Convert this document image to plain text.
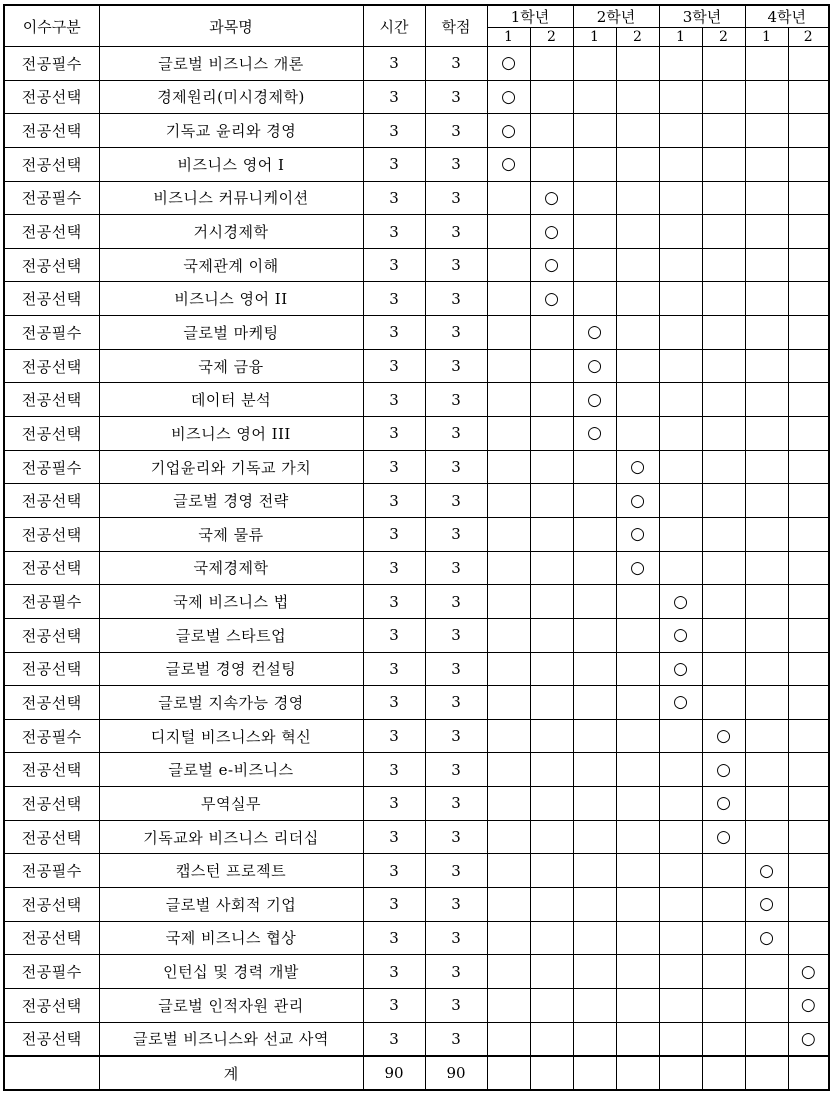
이수구분	과목명	시간	학점	1학년		2학년		3학년		4학년	
				1	2	1	2	1	2	1	2
전공필수	글로벌 비즈니스 개론	3	3	○							
전공선택	경제원리(미시경제학)	3	3	○							
전공선택	기독교 윤리와 경영	3	3	○							
전공선택	비즈니스 영어 I	3	3	○							
전공필수	비즈니스 커뮤니케이션	3	3		○						
전공선택	거시경제학	3	3		○						
전공선택	국제관계 이해	3	3		○						
전공선택	비즈니스 영어 II	3	3		○						
전공필수	글로벌 마케팅	3	3			○					
전공선택	국제 금융	3	3			○					
전공선택	데이터 분석	3	3			○					
전공선택	비즈니스 영어 III	3	3			○					
전공필수	기업윤리와 기독교 가치	3	3				○				
전공선택	글로벌 경영 전략	3	3				○				
전공선택	국제 물류	3	3				○				
전공선택	국제경제학	3	3				○				
전공필수	국제 비즈니스 법	3	3					○			
전공선택	글로벌 스타트업	3	3					○			
전공선택	글로벌 경영 컨설팅	3	3					○			
전공선택	글로벌 지속가능 경영	3	3					○			
전공필수	디지털 비즈니스와 혁신	3	3						○		
전공선택	글로벌 e-비즈니스	3	3						○		
전공선택	무역실무	3	3						○		
전공선택	기독교와 비즈니스 리더십	3	3						○		
전공필수	캡스턴 프로젝트	3	3							○	
전공선택	글로벌 사회적 기업	3	3							○	
전공선택	국제 비즈니스 협상	3	3							○	
전공필수	인턴십 및 경력 개발	3	3								○
전공선택	글로벌 인적자원 관리	3	3								○
전공선택	글로벌 비즈니스와 선교 사역	3	3								○
	계	90	90								
